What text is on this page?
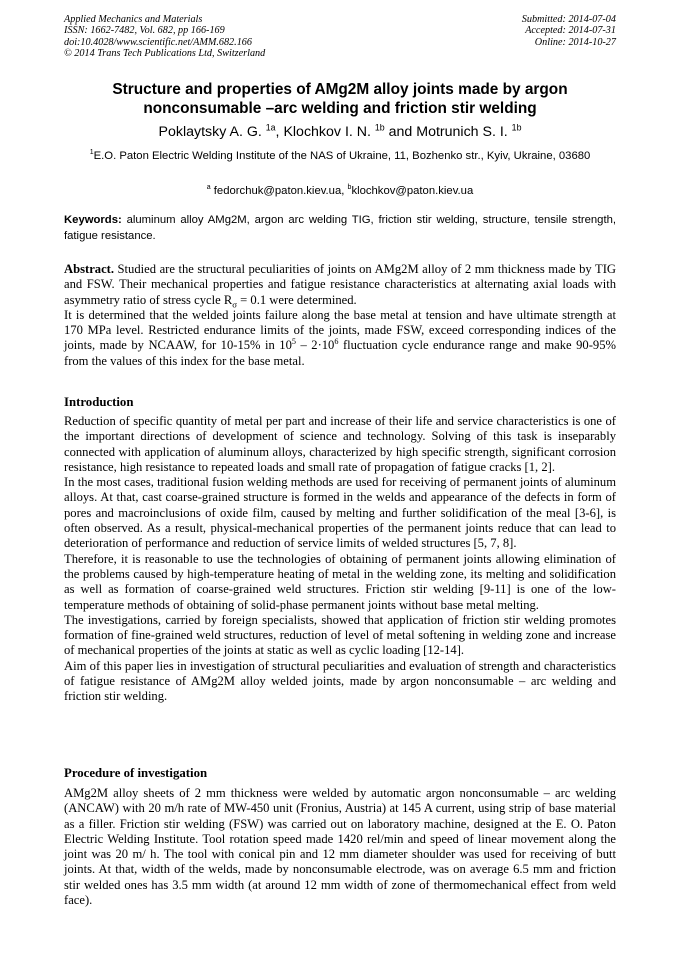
Applied Mechanics and Materials
ISSN: 1662-7482, Vol. 682, pp 166-169
doi:10.4028/www.scientific.net/AMM.682.166
© 2014 Trans Tech Publications Ltd, Switzerland
Submitted: 2014-07-04
Accepted: 2014-07-31
Online: 2014-10-27
Structure and properties of AMg2M alloy joints made by argon
nonconsumable –arc welding and friction stir welding
Poklaytsky A. G. $^{1a}$, Klochkov I. N. $^{1b}$ and Motrunich S. I. $^{1b}$
$^1$E.O. Paton Electric Welding Institute of the NAS of Ukraine, 11, Bozhenko str., Kyiv, Ukraine, 03680
$^a$ fedorchuk@paton.kiev.ua, $^b$klochkov@paton.kiev.ua
Keywords: aluminum alloy AMg2M, argon arc welding TIG, friction stir welding, structure, tensile strength, fatigue resistance.

Abstract. Studied are the structural peculiarities of joints on AMg2M alloy of 2 mm thickness made by TIG and FSW. Their mechanical properties and fatigue resistance characteristics at alternating axial loads with asymmetry ratio of stress cycle $R_\sigma = 0.1$ were determined.

It is determined that the welded joints failure along the base metal at tension and have ultimate strength at 170 MPa level. Restricted endurance limits of the joints, made FSW, exceed corresponding indices of the joints, made by NCAAW, for 10-15% in $10^5 - 2\cdot 10^6$ fluctuation cycle endurance range and make 90-95% from the values of this index for the base metal.

Introduction

Reduction of specific quantity of metal per part and increase of their life and service characteristics is one of the important directions of development of science and technology. Solving of this task is inseparably connected with application of aluminum alloys, characterized by high specific strength, significant corrosion resistance, high resistance to repeated loads and small rate of propagation of fatigue cracks [1, 2].

In the most cases, traditional fusion welding methods are used for receiving of permanent joints of aluminum alloys. At that, cast coarse-grained structure is formed in the welds and appearance of the defects in form of pores and macroinclusions of oxide film, caused by melting and further solidification of the meal [3-6], is often observed. As a result, physical-mechanical properties of the permanent joints reduce that can lead to deterioration of performance and reduction of service limits of welded structures [5, 7, 8].

Therefore, it is reasonable to use the technologies of obtaining of permanent joints allowing elimination of the problems caused by high-temperature heating of metal in the welding zone, its melting and solidification as well as formation of coarse-grained weld structures. Friction stir welding [9-11] is one of the low-temperature methods of obtaining of solid-phase permanent joints without base metal melting.

The investigations, carried by foreign specialists, showed that application of friction stir welding promotes formation of fine-grained weld structures, reduction of level of metal softening in welding zone and increase of mechanical properties of the joints at static as well as cyclic loading [12-14].

Aim of this paper lies in investigation of structural peculiarities and evaluation of strength and characteristics of fatigue resistance of AMg2M alloy welded joints, made by argon nonconsumable – arc welding and friction stir welding.

Procedure of investigation

AMg2M alloy sheets of 2 mm thickness were welded by automatic argon nonconsumable – arc welding (ANCAW) with 20 m/h rate of MW-450 unit (Fronius, Austria) at 145 A current, using strip of base material as a filler. Friction stir welding (FSW) was carried out on laboratory machine, designed at the E. O. Paton Electric Welding Institute. Tool rotation speed made 1420 rel/min and speed of linear movement along the joint was 20 m/ h. The tool with conical pin and 12 mm diameter shoulder was used for receiving of butt joints. At that, width of the welds, made by nonconsumable electrode, was on average 6.5 mm and friction stir welded ones has 3.5 mm width (at around 12 mm width of zone of thermomechanical effect from weld face).
